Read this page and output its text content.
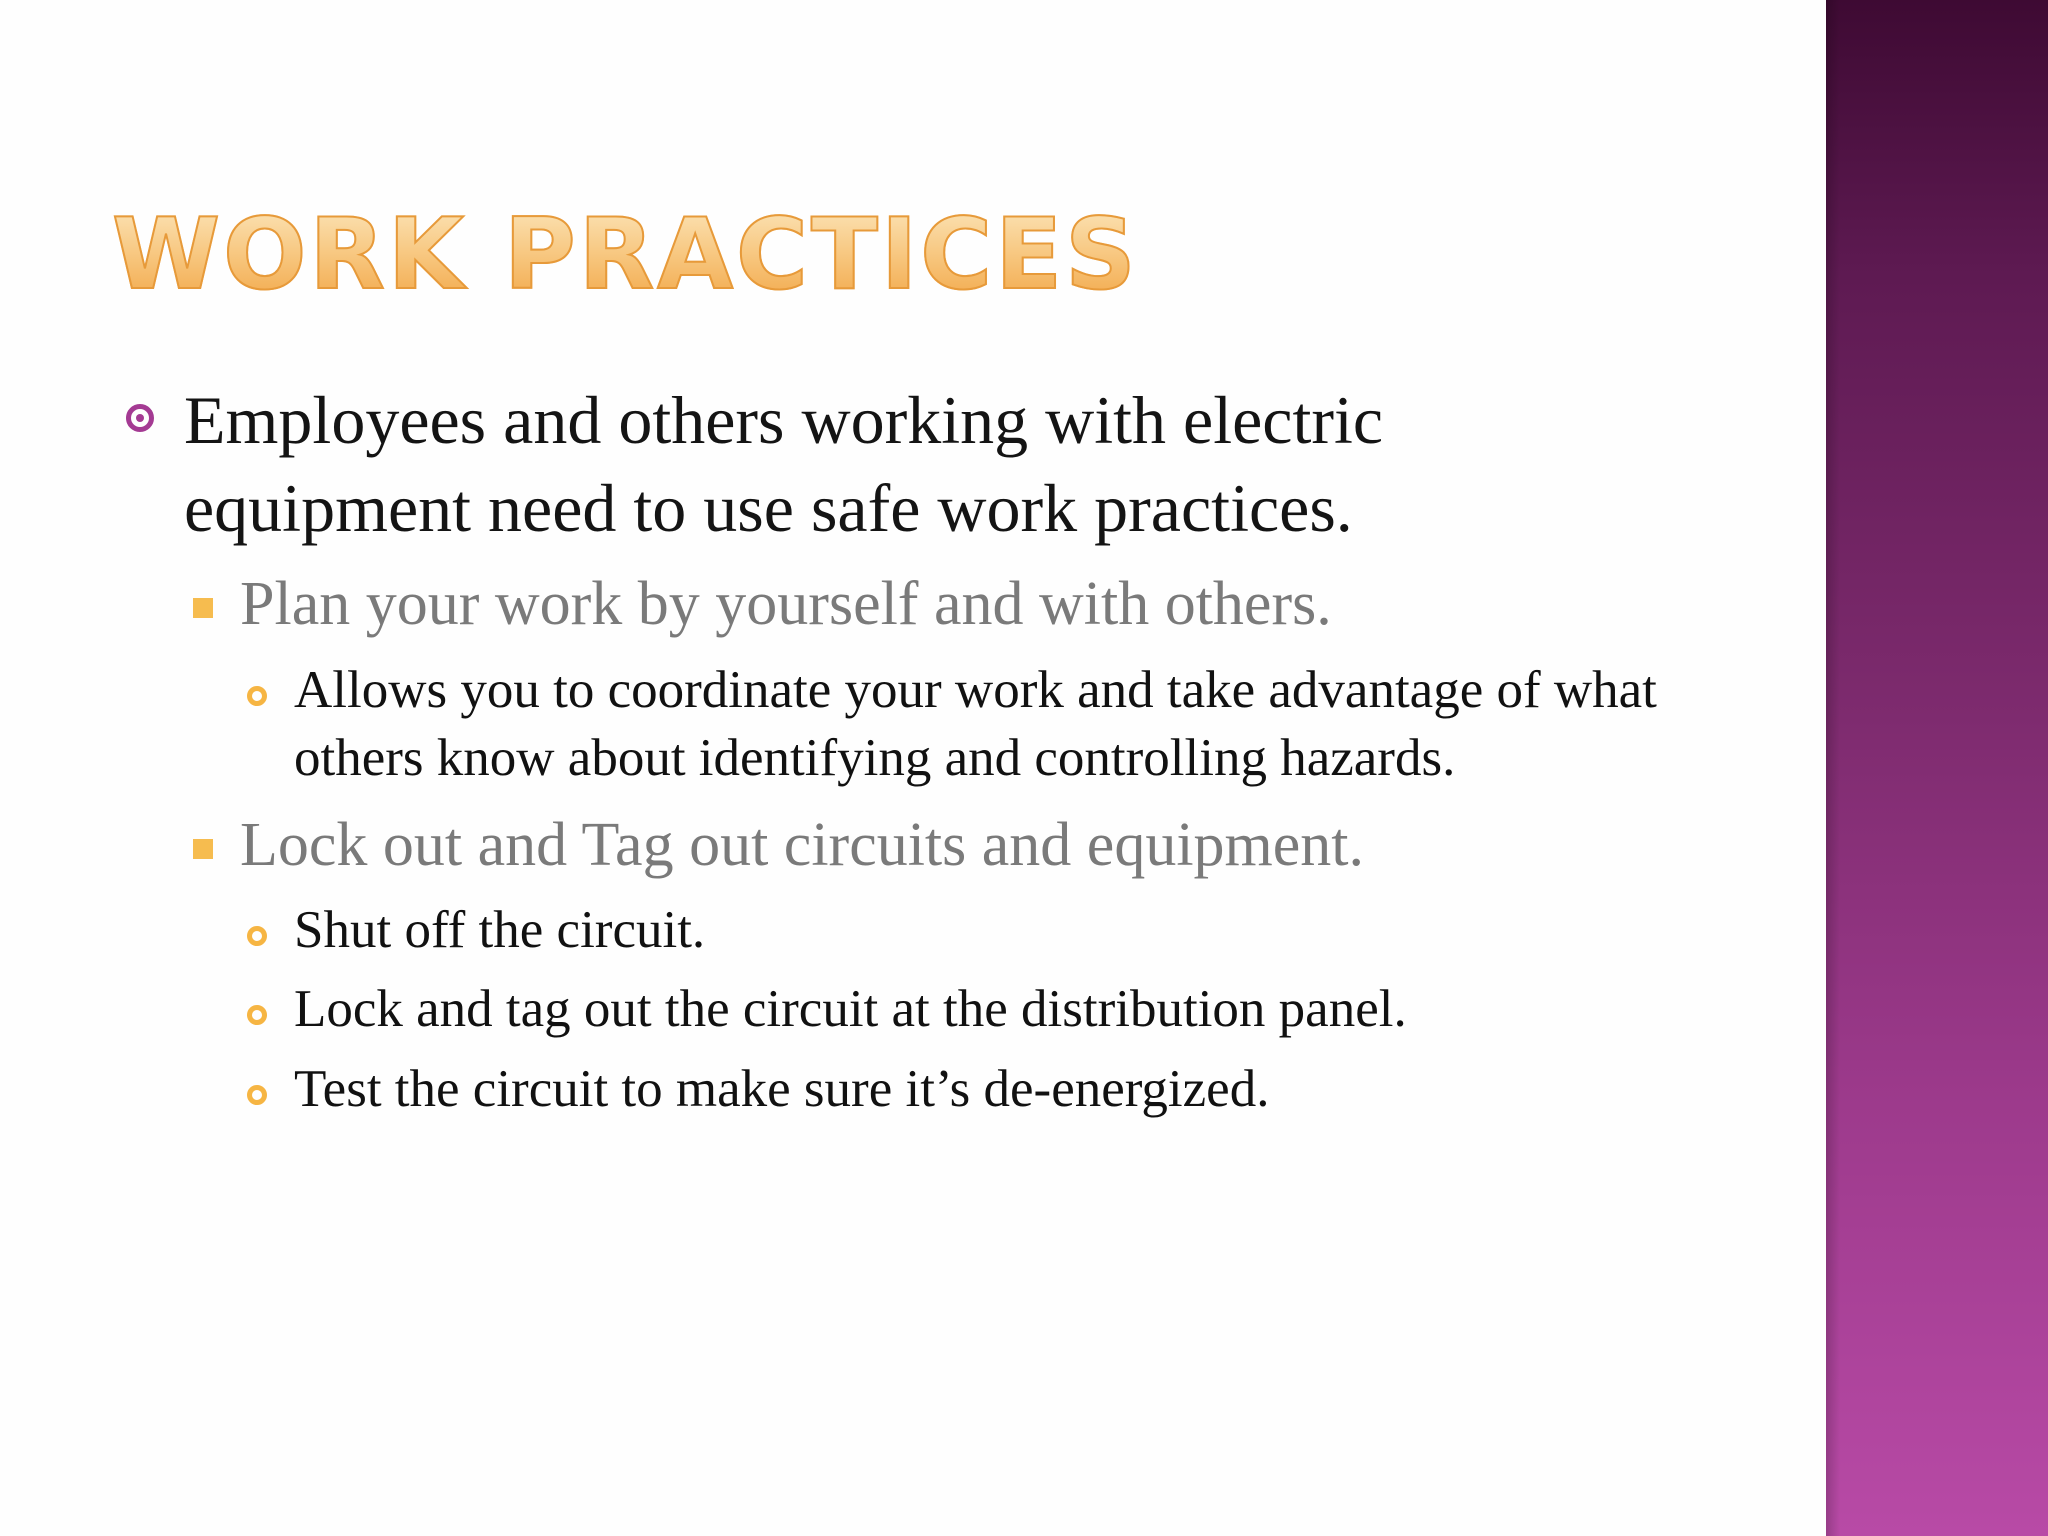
WORK PRACTICES

Employees and others working with electric equipment need to use safe work practices.

Plan your work by yourself and with others.

Allows you to coordinate your work and take advantage of what others know about identifying and controlling hazards.

Lock out and Tag out circuits and equipment.

Shut off the circuit.

Lock and tag out the circuit at the distribution panel.

Test the circuit to make sure it’s de-energized.
